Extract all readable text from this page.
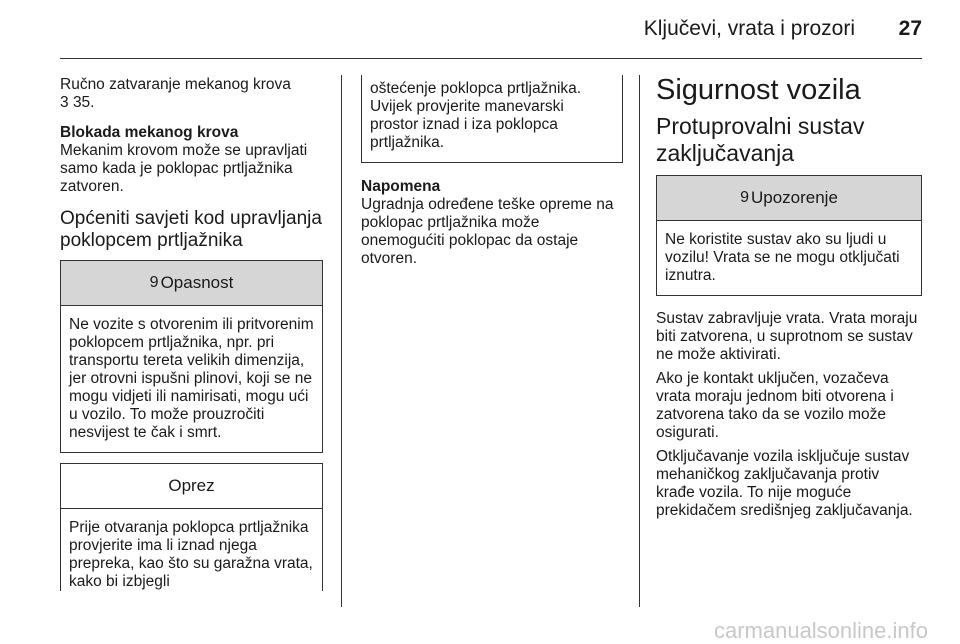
Ključevi, vrata i prozori	27

Ručno zatvaranje mekanog krova

3 35.

Blokada mekanog krova

Mekanim krovom može se upravljati samo kada je poklopac prtljažnika zatvoren.

Općeniti savjeti kod upravljanja poklopcem prtljažnika

9 Opasnost
Ne vozite s otvorenim ili pritvorenim poklopcem prtljažnika, npr. pri transportu tereta velikih dimenzija, jer otrovni ispušni plinovi, koji se ne mogu vidjeti ili namirisati, mogu ući u vozilo. To može prouzročiti nesvijest te čak i smrt.
Oprez
Prije otvaranja poklopca prtljažnika provjerite ima li iznad njega prepreka, kao što su garažna vrata, kako bi izbjegli
oštećenje poklopca prtljažnika. Uvijek provjerite manevarski prostor iznad i iza poklopca prtljažnika.

Napomena

Ugradnja određene teške opreme na poklopac prtljažnika može onemogućiti poklopac da ostaje otvoren.

Sigurnost vozila

Protuprovalni sustav zaključavanja

9 Upozorenje
Ne koristite sustav ako su ljudi u vozilu! Vrata se ne mogu otključati iznutra.

Sustav zabravljuje vrata. Vrata moraju biti zatvorena, u suprotnom se sustav ne može aktivirati.

Ako je kontakt uključen, vozačeva vrata moraju jednom biti otvorena i zatvorena tako da se vozilo može osigurati.

Otključavanje vozila isključuje sustav mehaničkog zaključavanja protiv krađe vozila. To nije moguće prekidačem središnjeg zaključavanja.

carmanualsonline.info
